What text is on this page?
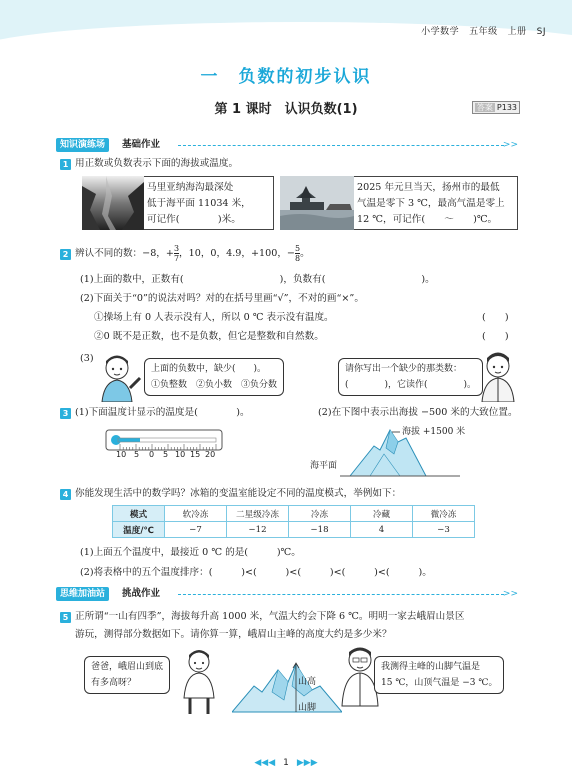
小学数学 五年级 上册 SJ
一　负数的初步认识
第 1 课时　认识负数(1)	答案 P133
知识演练场	基础作业	>>
1 用正数或负数表示下面的海拔或温度。
马里亚纳海沟最深处
低于海平面 11034 米，
可记作(　　　　)米。
2025 年元旦当天，扬州市的最低
气温是零下 3 ℃，最高气温是零上
12 ℃，可记作(　　～　　)℃。
2 辨认不同的数：−8，+ $\frac{3}{7}$ ，10，0，4.9，+100，− $\frac{5}{8}$ 。
(1)上面的数中，正数有(　　　　　　　　　　)，负数有(　　　　　　　　　　)。
(2)下面关于“0”的说法对吗？对的在括号里画“√”，不对的画“×”。
①操场上有 0 人表示没有人，所以 0 ℃ 表示没有温度。	(　　)
②0 既不是正数，也不是负数，但它是整数和自然数。	(　　)
(3)
上面的负数中，缺少(　　)。
①负整数　②负小数　③负分数
请你写出一个缺少的那类数：
(　　　　)，它读作(　　　　)。
3 (1)下面温度计显示的温度是(　　　　)。	(2)在下图中表示出海拔 −500 米的大致位置。
10 5 0 5 10 15 20
海拔 +1500 米
海平面
4 你能发现生活中的数学吗？冰箱的变温室能设定不同的温度模式，举例如下：
模式	软冷冻	二星级冷冻	冷冻	冷藏	微冷冻
温度/℃	−7	−12	−18	4	−3
(1)上面五个温度中，最接近 0 ℃ 的是(　　　)℃。
(2)将表格中的五个温度排序：(　　　)<(　　　)<(　　　)<(　　　)<(　　　)。
思维加油站	挑战作业	>>
5 正所谓“一山有四季”，海拔每升高 1000 米，气温大约会下降 6 ℃。明明一家去峨眉山景区
游玩，测得部分数据如下。请你算一算，峨眉山主峰的高度大约是多少米？
爸爸，峨眉山到底
有多高呀？	山高
山脚
我测得主峰的山脚气温是
15 ℃，山顶气温是 −3 ℃。
◀◀◀ 1 ▶▶▶
